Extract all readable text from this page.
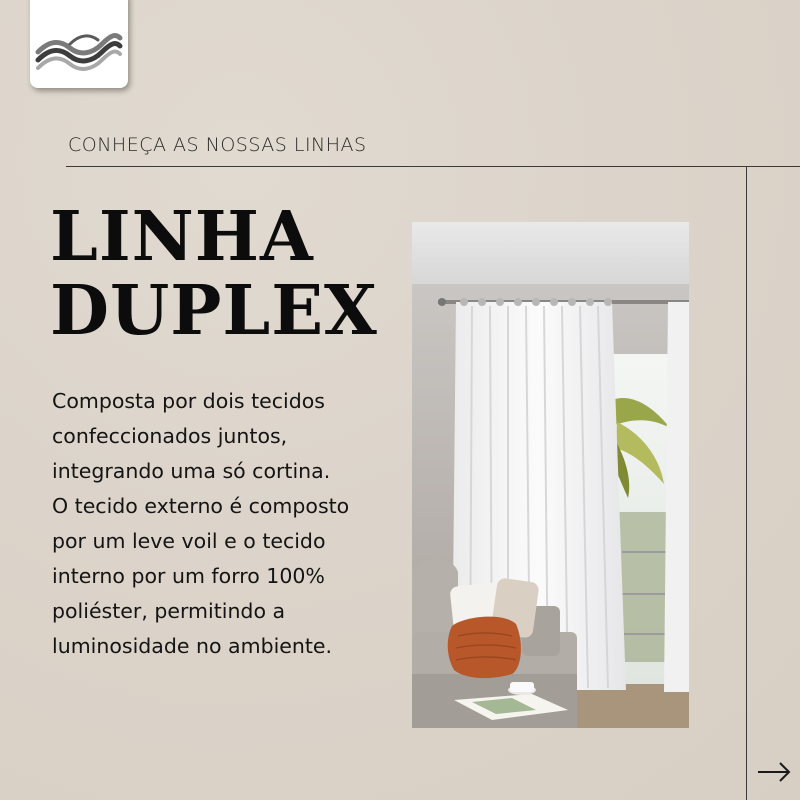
CONHEÇA AS NOSSAS LINHAS
LINHA
DUPLEX

Composta por dois tecidos
confeccionados juntos,
integrando uma só cortina.
O tecido externo é composto
por um leve voil e o tecido
interno por um forro 100%
poliéster, permitindo a
luminosidade no ambiente.
